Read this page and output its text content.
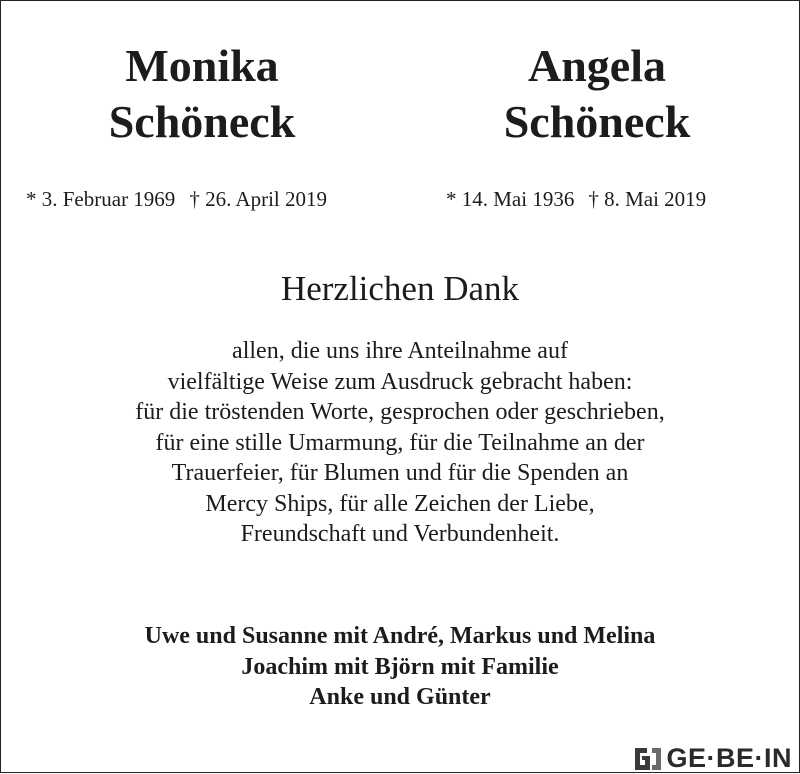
Monika
Schöneck
Angela
Schöneck
* 3. Februar 1969 † 26. April 2019	* 14. Mai 1936 † 8. Mai 2019
Herzlichen Dank
allen, die uns ihre Anteilnahme auf
vielfältige Weise zum Ausdruck gebracht haben:
für die tröstenden Worte, gesprochen oder geschrieben,
für eine stille Umarmung, für die Teilnahme an der
Trauerfeier, für Blumen und für die Spenden an
Mercy Ships, für alle Zeichen der Liebe,
Freundschaft und Verbundenheit.
Uwe und Susanne mit André, Markus und Melina
Joachim mit Björn mit Familie
Anke und Günter
GE·BE·IN
